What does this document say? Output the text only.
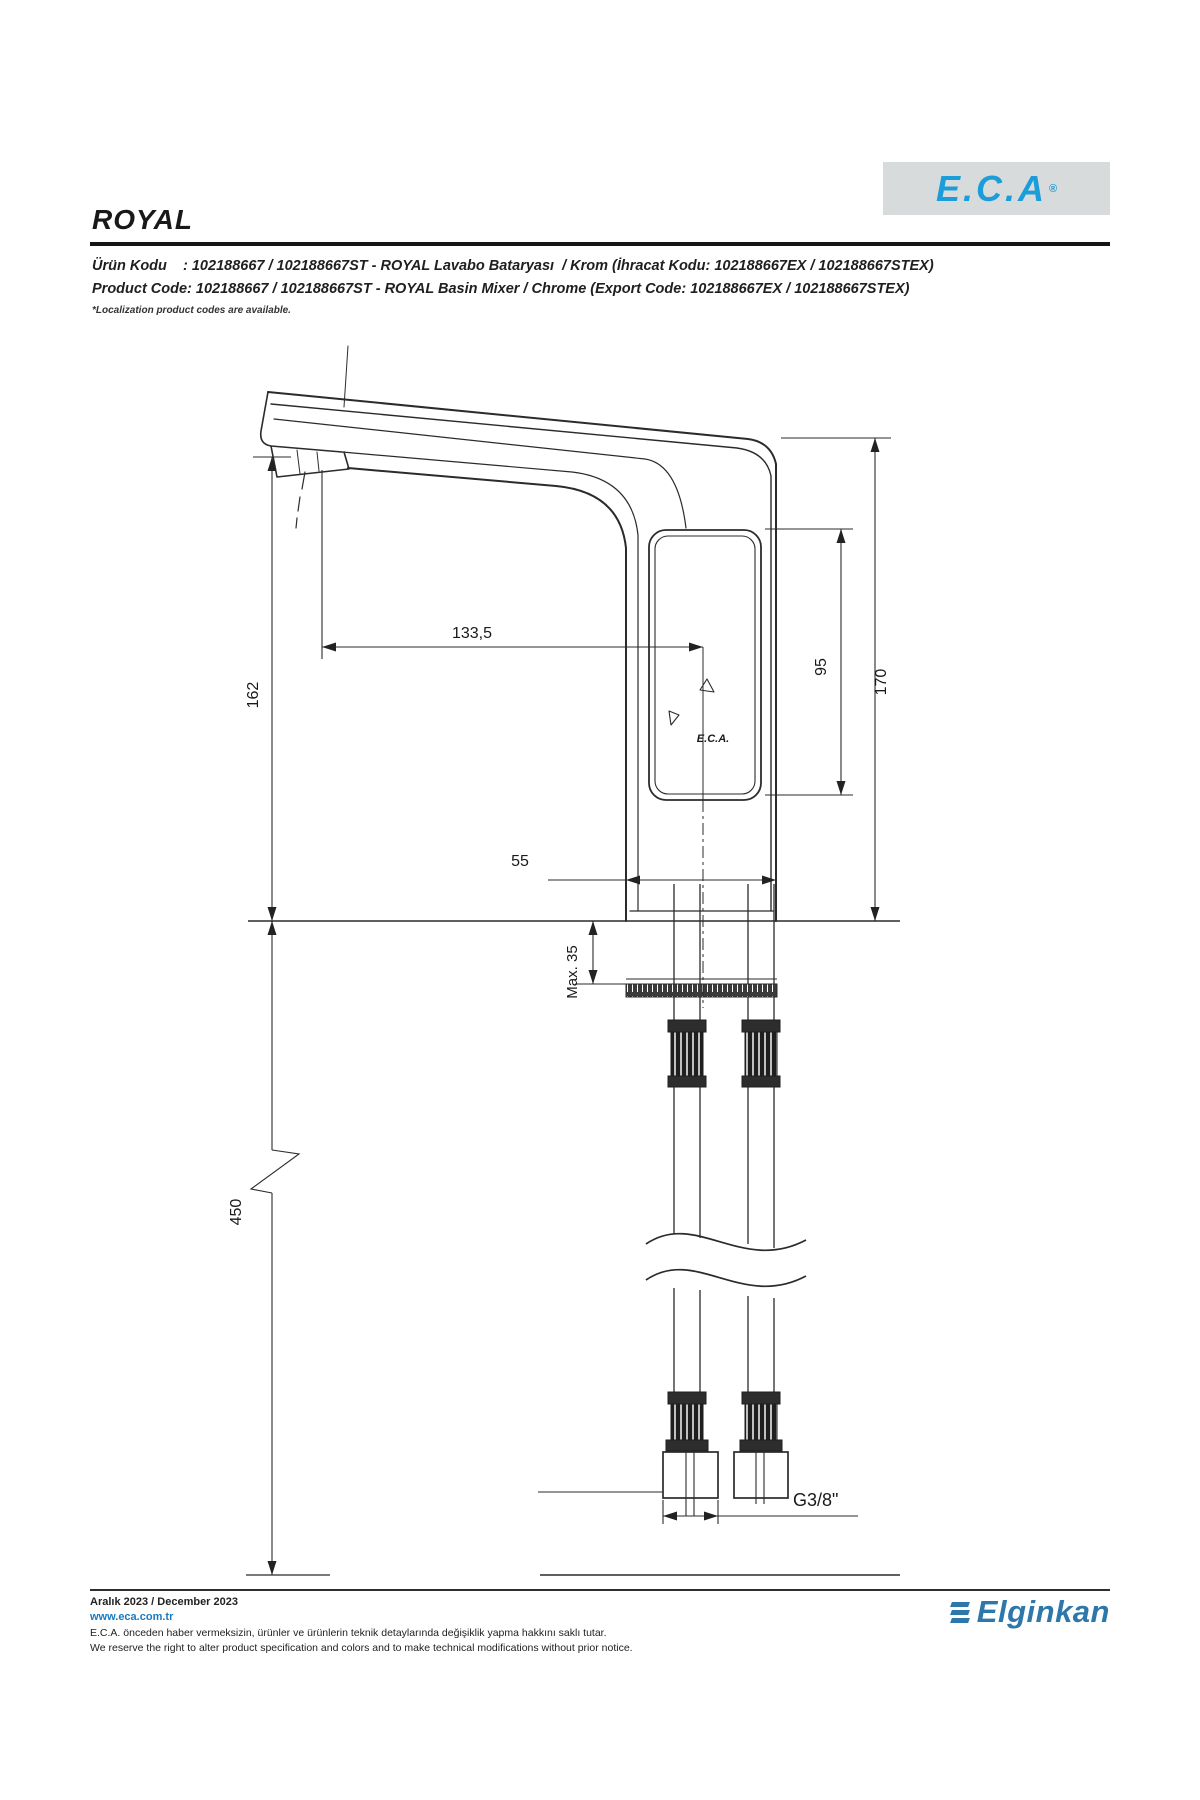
ROYAL
E.C.A ®
Ürün Kodu    : 102188667 / 102188667ST - ROYAL Lavabo Bataryası  / Krom (İhracat Kodu: 102188667EX / 102188667STEX)
Product Code: 102188667 / 102188667ST - ROYAL Basin Mixer / Chrome (Export Code: 102188667EX / 102188667STEX)
*Localization product codes are available.
133,5
162
95
170
55
Max. 35
450
G3/8"
E.C.A.
Aralık 2023 / December 2023
www.eca.com.tr
E.C.A. önceden haber vermeksizin, ürünler ve ürünlerin teknik detaylarında değişiklik yapma hakkını saklı tutar.
We reserve the right to alter product specification and colors and to make technical modifications without prior notice.
Elginkan
